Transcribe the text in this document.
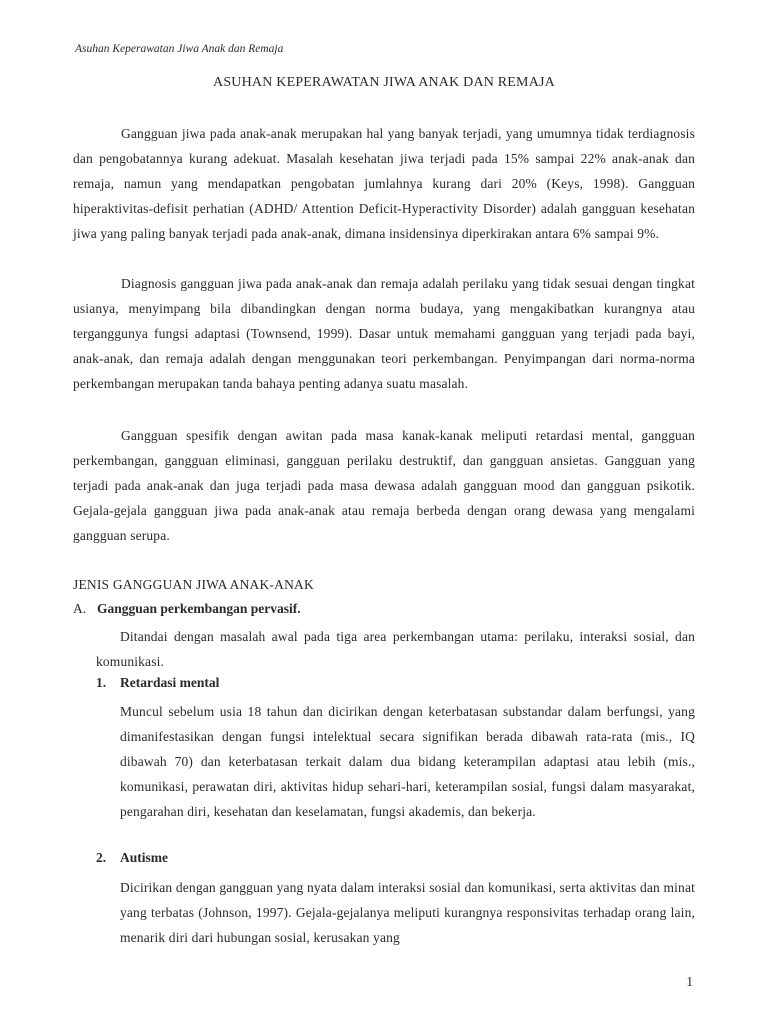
Asuhan Keperawatan Jiwa Anak dan Remaja
ASUHAN KEPERAWATAN JIWA ANAK DAN REMAJA

Gangguan jiwa pada anak-anak merupakan hal yang banyak terjadi, yang umumnya tidak terdiagnosis dan pengobatannya kurang adekuat. Masalah kesehatan jiwa terjadi pada 15% sampai 22% anak-anak dan remaja, namun yang mendapatkan pengobatan jumlahnya kurang dari 20% (Keys, 1998). Gangguan hiperaktivitas-defisit perhatian (ADHD/ Attention Deficit-Hyperactivity Disorder) adalah gangguan kesehatan jiwa yang paling banyak terjadi pada anak-anak, dimana insidensinya diperkirakan antara 6% sampai 9%.

Diagnosis gangguan jiwa pada anak-anak dan remaja adalah perilaku yang tidak sesuai dengan tingkat usianya, menyimpang bila dibandingkan dengan norma budaya, yang mengakibatkan kurangnya atau terganggunya fungsi adaptasi (Townsend, 1999). Dasar untuk memahami gangguan yang terjadi pada bayi, anak-anak, dan remaja adalah dengan menggunakan teori perkembangan. Penyimpangan dari norma-norma perkembangan merupakan tanda bahaya penting adanya suatu masalah.

Gangguan spesifik dengan awitan pada masa kanak-kanak meliputi retardasi mental, gangguan perkembangan, gangguan eliminasi, gangguan perilaku destruktif, dan gangguan ansietas. Gangguan yang terjadi pada anak-anak dan juga terjadi pada masa dewasa adalah gangguan mood dan gangguan psikotik. Gejala-gejala gangguan jiwa pada anak-anak atau remaja berbeda dengan orang dewasa yang mengalami gangguan serupa.

JENIS GANGGUAN JIWA ANAK-ANAK
A. Gangguan perkembangan pervasif.

Ditandai dengan masalah awal pada tiga area perkembangan utama: perilaku, interaksi sosial, dan komunikasi.

1. Retardasi mental

Muncul sebelum usia 18 tahun dan dicirikan dengan keterbatasan substandar dalam berfungsi, yang dimanifestasikan dengan fungsi intelektual secara signifikan berada dibawah rata-rata (mis., IQ dibawah 70) dan keterbatasan terkait dalam dua bidang keterampilan adaptasi atau lebih (mis., komunikasi, perawatan diri, aktivitas hidup sehari-hari, keterampilan sosial, fungsi dalam masyarakat, pengarahan diri, kesehatan dan keselamatan, fungsi akademis, dan bekerja.

2. Autisme

Dicirikan dengan gangguan yang nyata dalam interaksi sosial dan komunikasi, serta aktivitas dan minat yang terbatas (Johnson, 1997). Gejala-gejalanya meliputi kurangnya responsivitas terhadap orang lain, menarik diri dari hubungan sosial, kerusakan yang

1
